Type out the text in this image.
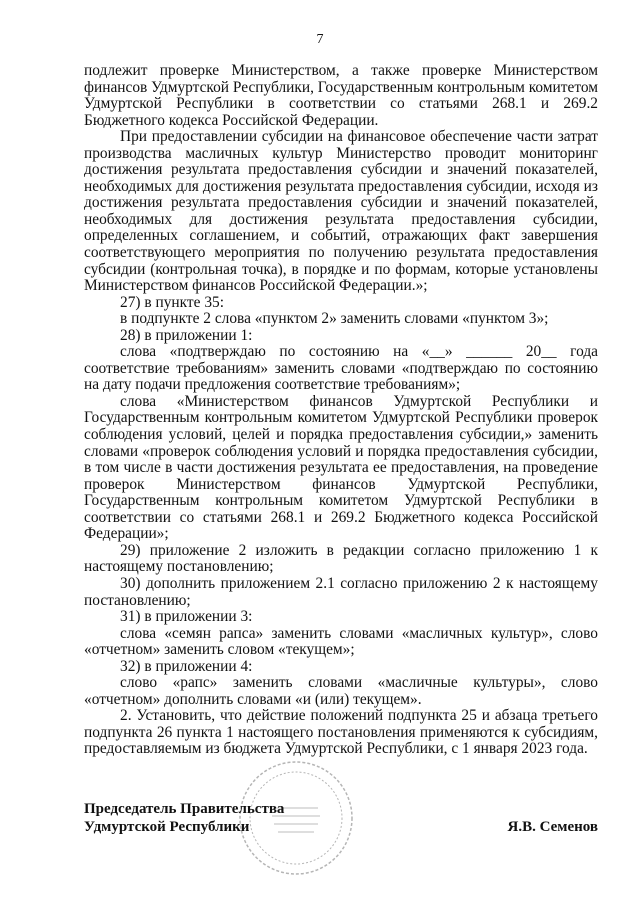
7

подлежит проверке Министерством, а также проверке Министерством финансов Удмуртской Республики, Государственным контрольным комитетом Удмуртской Республики в соответствии со статьями 268.1 и 269.2 Бюджетного кодекса Российской Федерации.

При предоставлении субсидии на финансовое обеспечение части затрат производства масличных культур Министерство проводит мониторинг достижения результата предоставления субсидии и значений показателей, необходимых для достижения результата предоставления субсидии, исходя из достижения результата предоставления субсидии и значений показателей, необходимых для достижения результата предоставления субсидии, определенных соглашением, и событий, отражающих факт завершения соответствующего мероприятия по получению результата предоставления субсидии (контрольная точка), в порядке и по формам, которые установлены Министерством финансов Российской Федерации.»;

27) в пункте 35:

в подпункте 2 слова «пунктом 2» заменить словами «пунктом 3»;

28) в приложении 1:

слова «подтверждаю по состоянию на «__» ______ 20__ года соответствие требованиям» заменить словами «подтверждаю по состоянию на дату подачи предложения соответствие требованиям»;

слова «Министерством финансов Удмуртской Республики и Государственным контрольным комитетом Удмуртской Республики проверок соблюдения условий, целей и порядка предоставления субсидии,» заменить словами «проверок соблюдения условий и порядка предоставления субсидии, в том числе в части достижения результата ее предоставления, на проведение проверок Министерством финансов Удмуртской Республики, Государственным контрольным комитетом Удмуртской Республики в соответствии со статьями 268.1 и 269.2 Бюджетного кодекса Российской Федерации»;

29) приложение 2 изложить в редакции согласно приложению 1 к настоящему постановлению;

30) дополнить приложением 2.1 согласно приложению 2 к настоящему постановлению;

31) в приложении 3:

слова «семян рапса» заменить словами «масличных культур», слово «отчетном» заменить словом «текущем»;

32) в приложении 4:

слово «рапс» заменить словами «масличные культуры», слово «отчетном» дополнить словами «и (или) текущем».

2. Установить, что действие положений подпункта 25 и абзаца третьего подпункта 26 пункта 1 настоящего постановления применяются к субсидиям, предоставляемым из бюджета Удмуртской Республики, с 1 января 2023 года.

Председатель Правительства
Удмуртской Республики	Я.В. Семенов
